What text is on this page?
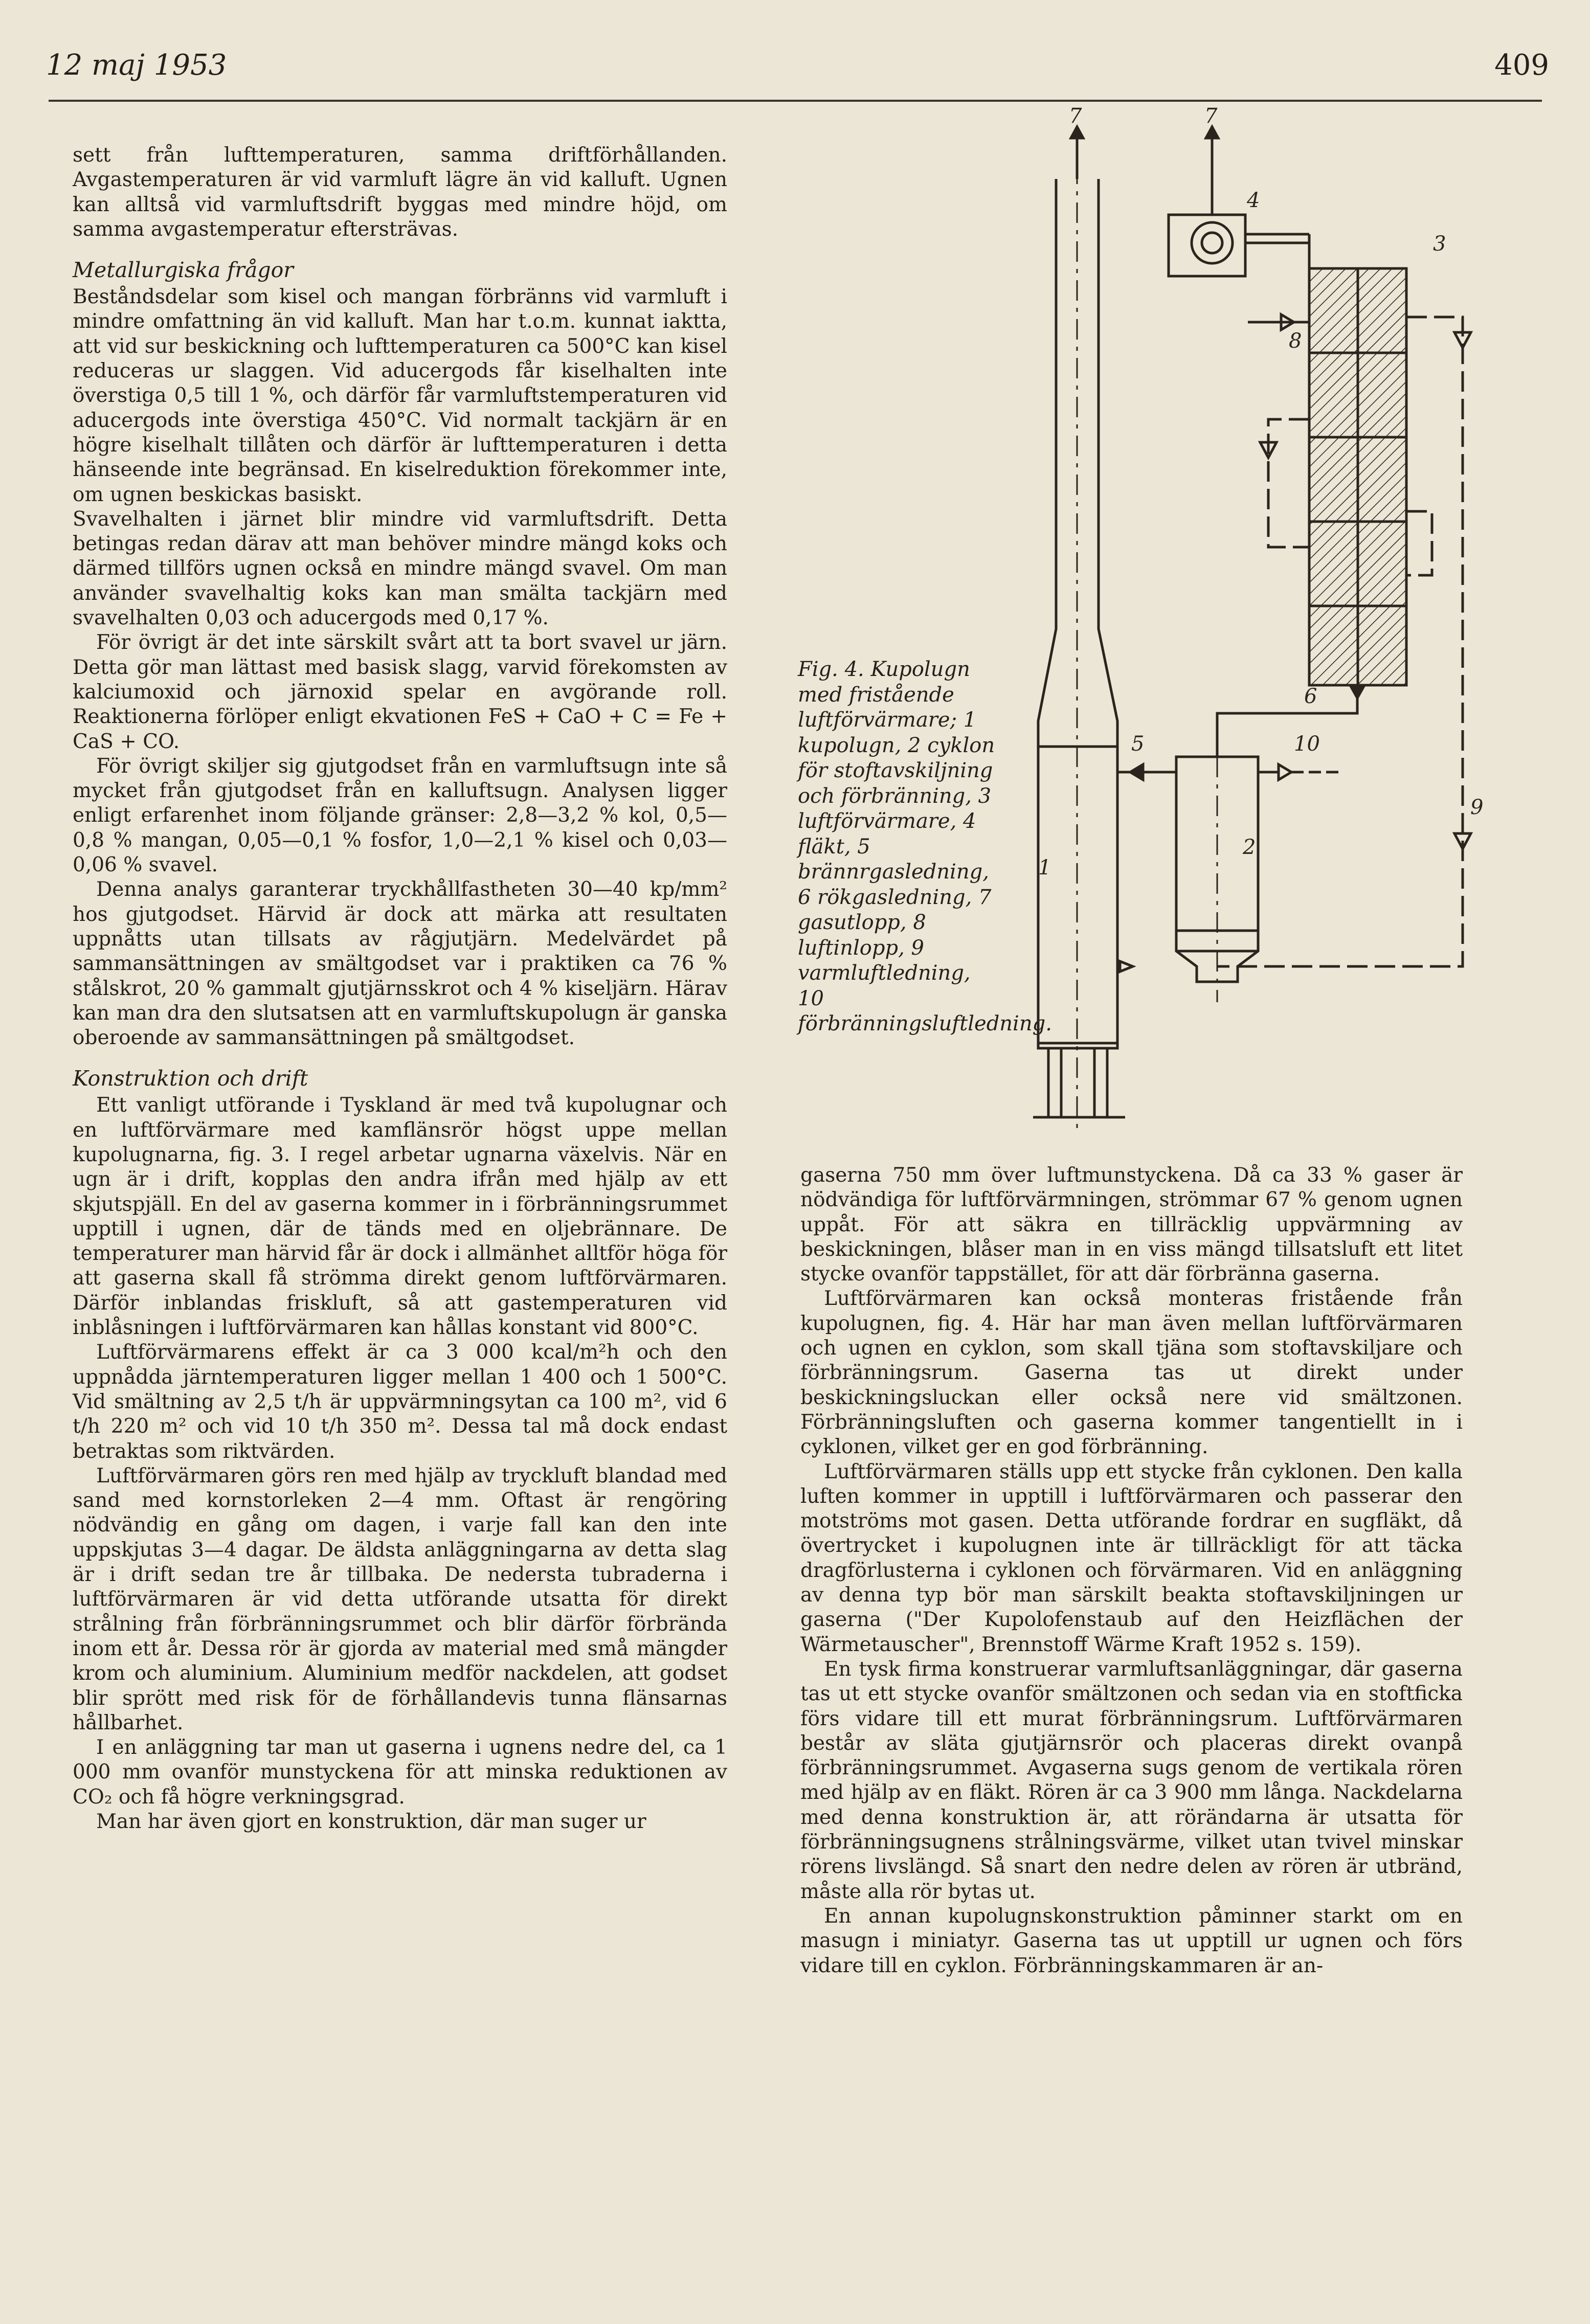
12 maj 1953	409

sett från lufttemperaturen, samma driftförhållanden. Avgastemperaturen är vid varmluft lägre än vid kalluft. Ugnen kan alltså vid varmluftsdrift byggas med mindre höjd, om samma avgastemperatur eftersträvas.

Metallurgiska frågor

Beståndsdelar som kisel och mangan förbränns vid varmluft i mindre omfattning än vid kalluft. Man har t.o.m. kunnat iaktta, att vid sur beskickning och lufttemperaturen ca 500°C kan kisel reduceras ur slaggen. Vid aducergods får kiselhalten inte överstiga 0,5 till 1 %, och därför får varmluftstemperaturen vid aducergods inte överstiga 450°C. Vid normalt tackjärn är en högre kiselhalt tillåten och därför är lufttemperaturen i detta hänseende inte begränsad. En kiselreduktion förekommer inte, om ugnen beskickas basiskt.

Svavelhalten i järnet blir mindre vid varmluftsdrift. Detta betingas redan därav att man behöver mindre mängd koks och därmed tillförs ugnen också en mindre mängd svavel. Om man använder svavelhaltig koks kan man smälta tackjärn med svavelhalten 0,03 och aducergods med 0,17 %.

För övrigt är det inte särskilt svårt att ta bort svavel ur järn. Detta gör man lättast med basisk slagg, varvid förekomsten av kalciumoxid och järnoxid spelar en avgörande roll. Reaktionerna förlöper enligt ekvationen FeS + CaO + C = Fe + CaS + CO.

För övrigt skiljer sig gjutgodset från en varmluftsugn inte så mycket från gjutgodset från en kalluftsugn. Analysen ligger enligt erfarenhet inom följande gränser: 2,8—3,2 % kol, 0,5—0,8 % mangan, 0,05—0,1 % fosfor, 1,0—2,1 % kisel och 0,03—0,06 % svavel.

Denna analys garanterar tryckhållfastheten 30—40 kp/mm² hos gjutgodset. Härvid är dock att märka att resultaten uppnåtts utan tillsats av rågjutjärn. Medelvärdet på sammansättningen av smältgodset var i praktiken ca 76 % stålskrot, 20 % gammalt gjutjärnsskrot och 4 % kiseljärn. Härav kan man dra den slutsatsen att en varmluftskupolugn är ganska oberoende av sammansättningen på smältgodset.

Konstruktion och drift

Ett vanligt utförande i Tyskland är med två kupolugnar och en luftförvärmare med kamflänsrör högst uppe mellan kupolugnarna, fig. 3. I regel arbetar ugnarna växelvis. När en ugn är i drift, kopplas den andra ifrån med hjälp av ett skjutspjäll. En del av gaserna kommer in i förbränningsrummet upptill i ugnen, där de tänds med en oljebrännare. De temperaturer man härvid får är dock i allmänhet alltför höga för att gaserna skall få strömma direkt genom luftförvärmaren. Därför inblandas friskluft, så att gastemperaturen vid inblåsningen i luftförvärmaren kan hållas konstant vid 800°C.

Luftförvärmarens effekt är ca 3 000 kcal/m²h och den uppnådda järntemperaturen ligger mellan 1 400 och 1 500°C. Vid smältning av 2,5 t/h är uppvärmningsytan ca 100 m², vid 6 t/h 220 m² och vid 10 t/h 350 m². Dessa tal må dock endast betraktas som riktvärden.

Luftförvärmaren görs ren med hjälp av tryckluft blandad med sand med kornstorleken 2—4 mm. Oftast är rengöring nödvändig en gång om dagen, i varje fall kan den inte uppskjutas 3—4 dagar. De äldsta anläggningarna av detta slag är i drift sedan tre år tillbaka. De nedersta tubraderna i luftförvärmaren är vid detta utförande utsatta för direkt strålning från förbränningsrummet och blir därför förbrända inom ett år. Dessa rör är gjorda av material med små mängder krom och aluminium. Aluminium medför nackdelen, att godset blir sprött med risk för de förhållandevis tunna flänsarnas hållbarhet.

I en anläggning tar man ut gaserna i ugnens nedre del, ca 1 000 mm ovanför munstyckena för att minska reduktionen av CO₂ och få högre verkningsgrad.

Man har även gjort en konstruktion, där man suger ur

Fig. 4. Kupolugn med fristående luftförvärmare; 1 kupolugn, 2 cyklon för stoftavskiljning och förbränning, 3 luftförvärmare, 4 fläkt, 5 brännrgasledning, 6 rökgasledning, 7 gasutlopp, 8 luftinlopp, 9 varmluftledning, 10 förbränningsluftledning.
7	7
4
3
8
6
5	10
9
2
1

gaserna 750 mm över luftmunstyckena. Då ca 33 % gaser är nödvändiga för luftförvärmningen, strömmar 67 % genom ugnen uppåt. För att säkra en tillräcklig uppvärmning av beskickningen, blåser man in en viss mängd tillsatsluft ett litet stycke ovanför tappstället, för att där förbränna gaserna.

Luftförvärmaren kan också monteras fristående från kupolugnen, fig. 4. Här har man även mellan luftförvärmaren och ugnen en cyklon, som skall tjäna som stoftavskiljare och förbränningsrum. Gaserna tas ut direkt under beskickningsluckan eller också nere vid smältzonen. Förbränningsluften och gaserna kommer tangentiellt in i cyklonen, vilket ger en god förbränning.

Luftförvärmaren ställs upp ett stycke från cyklonen. Den kalla luften kommer in upptill i luftförvärmaren och passerar den motströms mot gasen. Detta utförande fordrar en sugfläkt, då övertrycket i kupolugnen inte är tillräckligt för att täcka dragförlusterna i cyklonen och förvärmaren. Vid en anläggning av denna typ bör man särskilt beakta stoftavskiljningen ur gaserna ("Der Kupolofenstaub auf den Heizflächen der Wärmetauscher", Brennstoff Wärme Kraft 1952 s. 159).

En tysk firma konstruerar varmluftsanläggningar, där gaserna tas ut ett stycke ovanför smältzonen och sedan via en stoftficka förs vidare till ett murat förbränningsrum. Luftförvärmaren består av släta gjutjärnsrör och placeras direkt ovanpå förbränningsrummet. Avgaserna sugs genom de vertikala rören med hjälp av en fläkt. Rören är ca 3 900 mm långa. Nackdelarna med denna konstruktion är, att rörändarna är utsatta för förbränningsugnens strålningsvärme, vilket utan tvivel minskar rörens livslängd. Så snart den nedre delen av rören är utbränd, måste alla rör bytas ut.

En annan kupolugnskonstruktion påminner starkt om en masugn i miniatyr. Gaserna tas ut upptill ur ugnen och förs vidare till en cyklon. Förbränningskammaren är an-
